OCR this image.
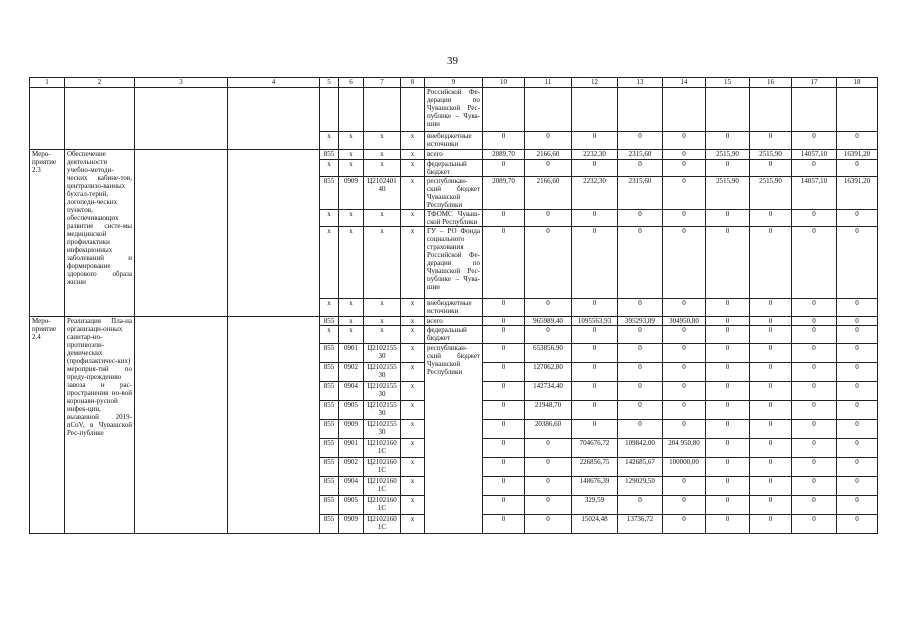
39
1	2	3	4	5	6	7	8	9	10	11	12	13	14	15	16	17	18
								Российской Фе-дерации по Чувашской Рес-публике – Чува-шии									
				x	x	x	x	внебюджетные источники	0	0	0	0	0	0	0	0	0
Меро-приятие 2.3	Обеспечение деятельности учебно-методи-ческих кабине-тов, централизо-ванных бухгал-терий, логопеди-ческих пунктов, обеспечивающих развитие систе-мы медицинской профилактики инфекционных заболеваний и формирование здорового образа жизни			855	x	x	x	всего	2089,70	2166,60	2232,30	2315,60	0	2515,90	2515,90	14057,10	16391,20
				x	x	x	x	федеральный бюджет	0	0	0	0	0	0	0	0	0
				855	0909	Ц2102401 40	x	республикан-ский бюджет Чувашской Республики	2089,70	2166,60	2232,30	2315,60	0	2515,90	2515,90	14057,10	16391,20
				x	x	x	x	ТФОМС Чуваш-ской Республики	0	0	0	0	0	0	0	0	0
				x	x	x	x	ГУ – РО Фонда социального страхования Российской Фе-дерации по Чувашской Рес-публике – Чува-шии	0	0	0	0	0	0	0	0	0
				x	x	x	x	внебюджетные источники	0	0	0	0	0	0	0	0	0
Меро-приятие 2.4	Реализация Пла-на организаци-онных санитар-но-противоэпи-демических (профилактичес-ких) мероприя-тий по преду-преждению завоза и рас-пространения но-вой коронави-русной инфек-ции, вызванной 2019-nCoV, в Чувашской Рес-публике			855	x	x	x	всего	0	965989,40	1095563,93	395293,89	304950,80	0	0	0	0
				x	x	x	x	федеральный бюджет	0	0	0	0	0	0	0	0	0
				855	0901	Ц2102155 30	x	республикан-ский бюджет Чувашской Республики	0	653856,90	0	0	0	0	0	0	0
				855	0902	Ц2102155 30	x		0	127062,80	0	0	0	0	0	0	0
				855	0904	Ц2102155 30	x		0	142734,40	0	0	0	0	0	0	0
				855	0905	Ц2102155 30	x		0	21948,70	0	0	0	0	0	0	0
				855	0909	Ц2102155 30	x		0	20386,60	0	0	0	0	0	0	0
				855	0901	Ц2102160 1С	x		0	0	704676,72	109842,00	204 950,80	0	0	0	0
				855	0902	Ц2102160 1С	x		0	0	226856,75	142685,67	100000,00	0	0	0	0
				855	0904	Ц2102160 1С	x		0	0	148676,39	129029,50	0	0	0	0	0
				855	0905	Ц2102160 1С	x		0	0	329,59	0	0	0	0	0	0
				855	0909	Ц2102160 1С	x		0	0	15024,48	13736,72	0	0	0	0	0
